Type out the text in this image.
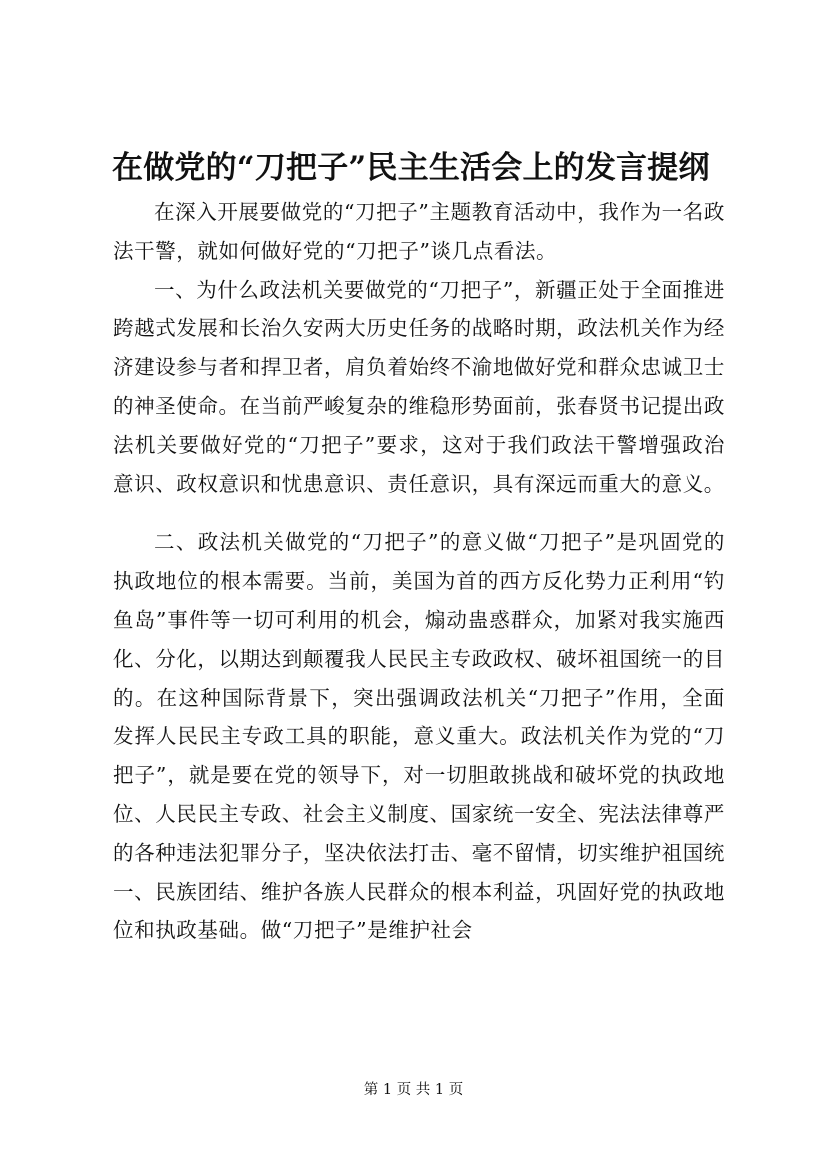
在做党的“刀把子”民主生活会上的发言提纲

在深入开展要做党的“刀把子”主题教育活动中，我作为一名政法干警，就如何做好党的“刀把子”谈几点看法。

一、为什么政法机关要做党的“刀把子”，新疆正处于全面推进跨越式发展和长治久安两大历史任务的战略时期，政法机关作为经济建设参与者和捍卫者，肩负着始终不渝地做好党和群众忠诚卫士的神圣使命。在当前严峻复杂的维稳形势面前，张春贤书记提出政法机关要做好党的“刀把子”要求，这对于我们政法干警增强政治意识、政权意识和忧患意识、责任意识，具有深远而重大的意义。

二、政法机关做党的“刀把子”的意义做“刀把子”是巩固党的执政地位的根本需要。当前，美国为首的西方反化势力正利用“钓鱼岛”事件等一切可利用的机会，煽动蛊惑群众，加紧对我实施西化、分化，以期达到颠覆我人民民主专政政权、破坏祖国统一的目的。在这种国际背景下，突出强调政法机关“刀把子”作用，全面发挥人民民主专政工具的职能，意义重大。政法机关作为党的“刀把子”，就是要在党的领导下，对一切胆敢挑战和破坏党的执政地位、人民民主专政、社会主义制度、国家统一安全、宪法法律尊严的各种违法犯罪分子，坚决依法打击、毫不留情，切实维护祖国统一、民族团结、维护各族人民群众的根本利益，巩固好党的执政地位和执政基础。做“刀把子”是维护社会

第 1 页 共 1 页
